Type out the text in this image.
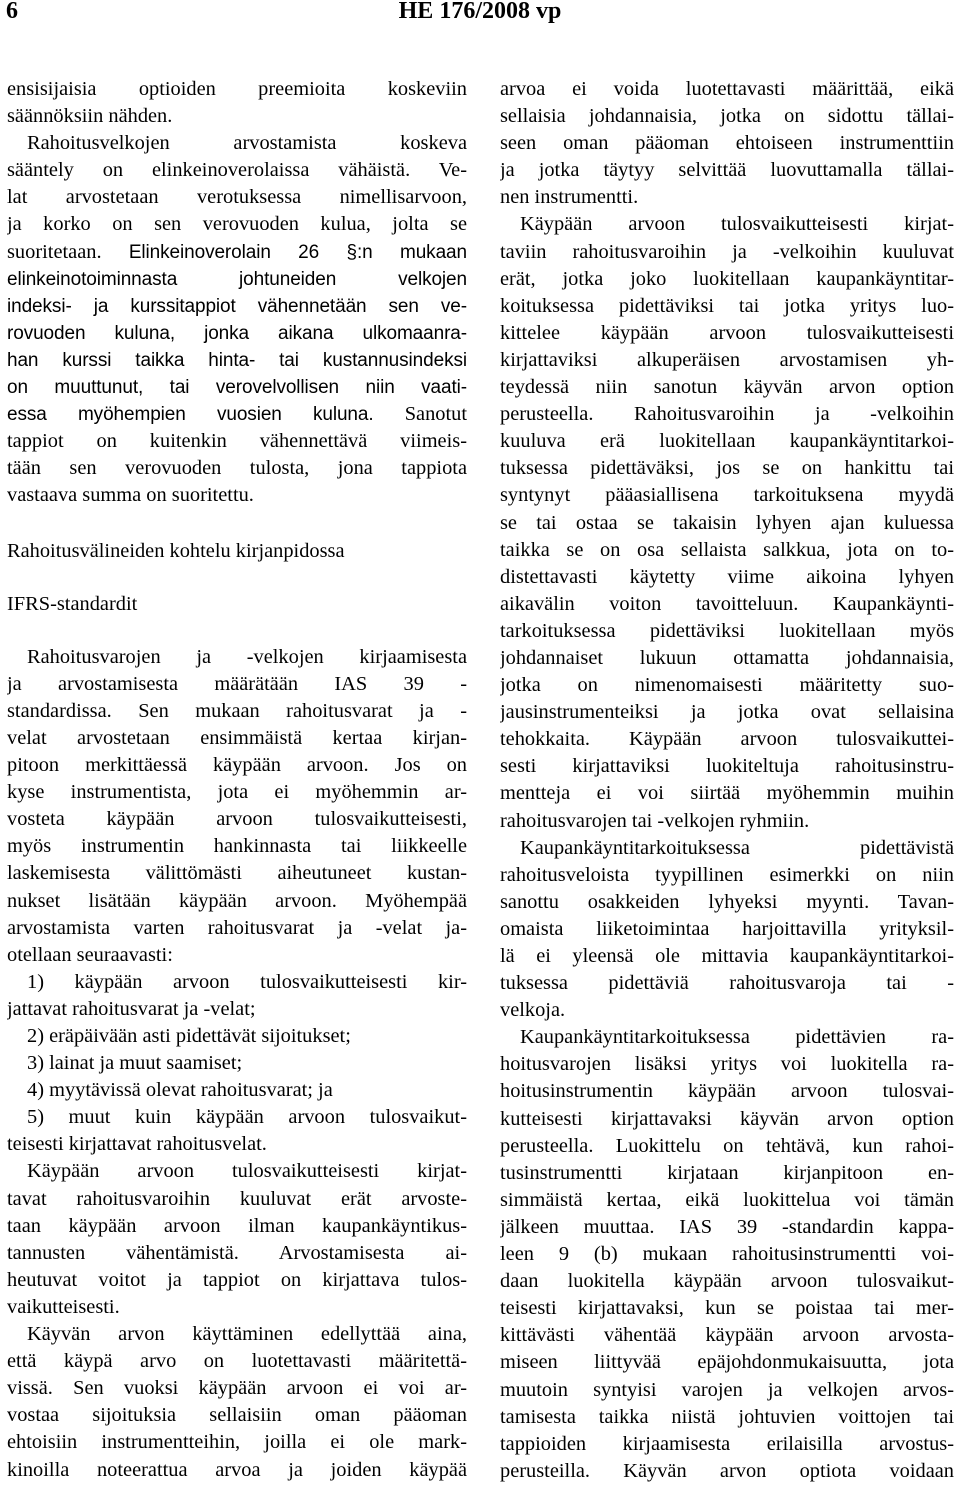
6	HE 176/2008 vp
ensisijaisia optioiden preemioita koskeviin
säännöksiin nähden.
Rahoitusvelkojen arvostamista koskeva
sääntely on elinkeinoverolaissa vähäistä. Ve-
lat arvostetaan verotuksessa nimellisarvoon,
ja korko on sen verovuoden kulua, jolta se
suoritetaan. Elinkeinoverolain 26 §:n mukaan
elinkeinotoiminnasta johtuneiden velkojen
indeksi- ja kurssitappiot vähennetään sen ve-
rovuoden kuluna, jonka aikana ulkomaanra-
han kurssi taikka hinta- tai kustannusindeksi
on muuttunut, tai verovelvollisen niin vaati-
essa myöhempien vuosien kuluna. Sanotut
tappiot on kuitenkin vähennettävä viimeis-
tään sen verovuoden tulosta, jona tappiota
vastaava summa on suoritettu.
Rahoitusvälineiden kohtelu kirjanpidossa
IFRS-standardit
Rahoitusvarojen ja -velkojen kirjaamisesta
ja arvostamisesta määrätään IAS 39 -
standardissa. Sen mukaan rahoitusvarat ja -
velat arvostetaan ensimmäistä kertaa kirjan-
pitoon merkittäessä käypään arvoon. Jos on
kyse instrumentista, jota ei myöhemmin ar-
vosteta käypään arvoon tulosvaikutteisesti,
myös instrumentin hankinnasta tai liikkeelle
laskemisesta välittömästi aiheutuneet kustan-
nukset lisätään käypään arvoon. Myöhempää
arvostamista varten rahoitusvarat ja -velat ja-
otellaan seuraavasti:
1) käypään arvoon tulosvaikutteisesti kir-
jattavat rahoitusvarat ja -velat;
2) eräpäivään asti pidettävät sijoitukset;
3) lainat ja muut saamiset;
4) myytävissä olevat rahoitusvarat; ja
5) muut kuin käypään arvoon tulosvaikut-
teisesti kirjattavat rahoitusvelat.
Käypään arvoon tulosvaikutteisesti kirjat-
tavat rahoitusvaroihin kuuluvat erät arvoste-
taan käypään arvoon ilman kaupankäyntikus-
tannusten vähentämistä. Arvostamisesta ai-
heutuvat voitot ja tappiot on kirjattava tulos-
vaikutteisesti.
Käyvän arvon käyttäminen edellyttää aina,
että käypä arvo on luotettavasti määritettä-
vissä. Sen vuoksi käypään arvoon ei voi ar-
vostaa sijoituksia sellaisiin oman pääoman
ehtoisiin instrumentteihin, joilla ei ole mark-
kinoilla noteerattua arvoa ja joiden käypää
arvoa ei voida luotettavasti määrittää, eikä
sellaisia johdannaisia, jotka on sidottu tällai-
seen oman pääoman ehtoiseen instrumenttiin
ja jotka täytyy selvittää luovuttamalla tällai-
nen instrumentti.
Käypään arvoon tulosvaikutteisesti kirjat-
taviin rahoitusvaroihin ja -velkoihin kuuluvat
erät, jotka joko luokitellaan kaupankäyntitar-
koituksessa pidettäviksi tai jotka yritys luo-
kittelee käypään arvoon tulosvaikutteisesti
kirjattaviksi alkuperäisen arvostamisen yh-
teydessä niin sanotun käyvän arvon option
perusteella. Rahoitusvaroihin ja -velkoihin
kuuluva erä luokitellaan kaupankäyntitarkoi-
tuksessa pidettäväksi, jos se on hankittu tai
syntynyt pääasiallisena tarkoituksena myydä
se tai ostaa se takaisin lyhyen ajan kuluessa
taikka se on osa sellaista salkkua, jota on to-
distettavasti käytetty viime aikoina lyhyen
aikavälin voiton tavoitteluun. Kaupankäynti-
tarkoituksessa pidettäviksi luokitellaan myös
johdannaiset lukuun ottamatta johdannaisia,
jotka on nimenomaisesti määritetty suo-
jausinstrumenteiksi ja jotka ovat sellaisina
tehokkaita. Käypään arvoon tulosvaikuttei-
sesti kirjattaviksi luokiteltuja rahoitusinstru-
mentteja ei voi siirtää myöhemmin muihin
rahoitusvarojen tai -velkojen ryhmiin.
Kaupankäyntitarkoituksessa pidettävistä
rahoitusveloista tyypillinen esimerkki on niin
sanottu osakkeiden lyhyeksi myynti. Tavan-
omaista liiketoimintaa harjoittavilla yrityksil-
lä ei yleensä ole mittavia kaupankäyntitarkoi-
tuksessa pidettäviä rahoitusvaroja tai -
velkoja.
Kaupankäyntitarkoituksessa pidettävien ra-
hoitusvarojen lisäksi yritys voi luokitella ra-
hoitusinstrumentin käypään arvoon tulosvai-
kutteisesti kirjattavaksi käyvän arvon option
perusteella. Luokittelu on tehtävä, kun rahoi-
tusinstrumentti kirjataan kirjanpitoon en-
simmäistä kertaa, eikä luokittelua voi tämän
jälkeen muuttaa. IAS 39 -standardin kappa-
leen 9 (b) mukaan rahoitusinstrumentti voi-
daan luokitella käypään arvoon tulosvaikut-
teisesti kirjattavaksi, kun se poistaa tai mer-
kittävästi vähentää käypään arvoon arvosta-
miseen liittyvää epäjohdonmukaisuutta, jota
muutoin syntyisi varojen ja velkojen arvos-
tamisesta taikka niistä johtuvien voittojen tai
tappioiden kirjaamisesta erilaisilla arvostus-
perusteilla. Käyvän arvon optiota voidaan
